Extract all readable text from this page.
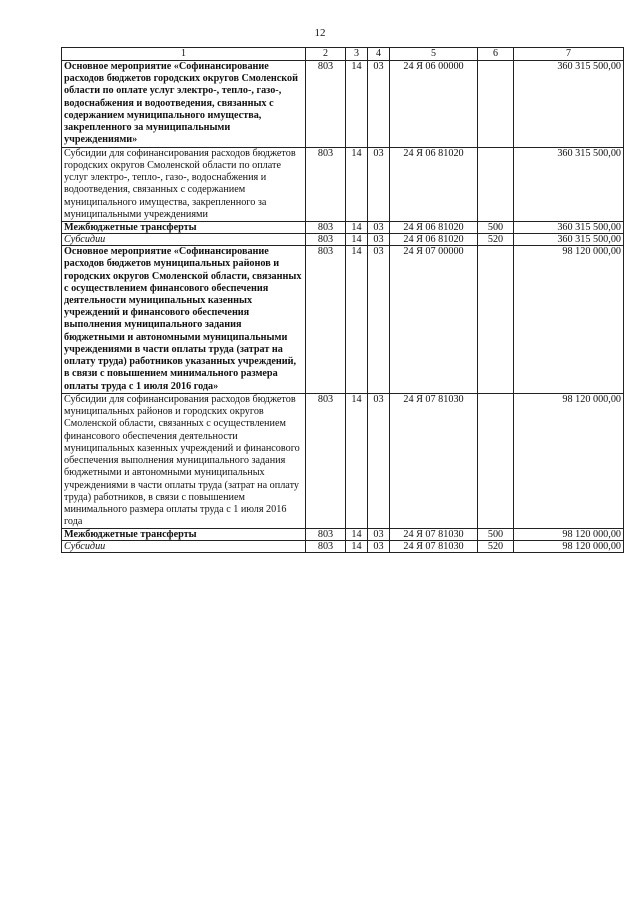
12
1	2	3	4	5	6	7
Основное мероприятие «Софинансирование расходов бюджетов городских округов Смоленской области по оплате услуг электро-, тепло-, газо-, водоснабжения и водоотведения, связанных с содержанием муниципального имущества, закрепленного за муниципальными учреждениями»	803	14	03	24 Я 06 00000		360 315 500,00
Субсидии для софинансирования расходов бюджетов городских округов Смоленской области по оплате услуг электро-, тепло-, газо-, водоснабжения и водоотведения, связанных с содержанием муниципального имущества, закрепленного за муниципальными учреждениями	803	14	03	24 Я 06 81020		360 315 500,00
Межбюджетные трансферты	803	14	03	24 Я 06 81020	500	360 315 500,00
Субсидии	803	14	03	24 Я 06 81020	520	360 315 500,00
Основное мероприятие «Софинансирование расходов бюджетов муниципальных районов и городских округов Смоленской области, связанных с осуществлением финансового обеспечения деятельности муниципальных казенных учреждений и финансового обеспечения выполнения муниципального задания бюджетными и автономными муниципальными учреждениями в части оплаты труда (затрат на оплату труда) работников указанных учреждений, в связи с повышением минимального размера оплаты труда с 1 июля 2016 года»	803	14	03	24 Я 07 00000		98 120 000,00
Субсидии для софинансирования расходов бюджетов муниципальных районов и городских округов Смоленской области, связанных с осуществлением финансового обеспечения деятельности муниципальных казенных учреждений и финансового обеспечения выполнения муниципального задания бюджетными и автономными муниципальных учреждениями в части оплаты труда (затрат на оплату труда) работников, в связи с повышением минимального размера оплаты труда с 1 июля 2016 года	803	14	03	24 Я 07 81030		98 120 000,00
Межбюджетные трансферты	803	14	03	24 Я 07 81030	500	98 120 000,00
Субсидии	803	14	03	24 Я 07 81030	520	98 120 000,00
